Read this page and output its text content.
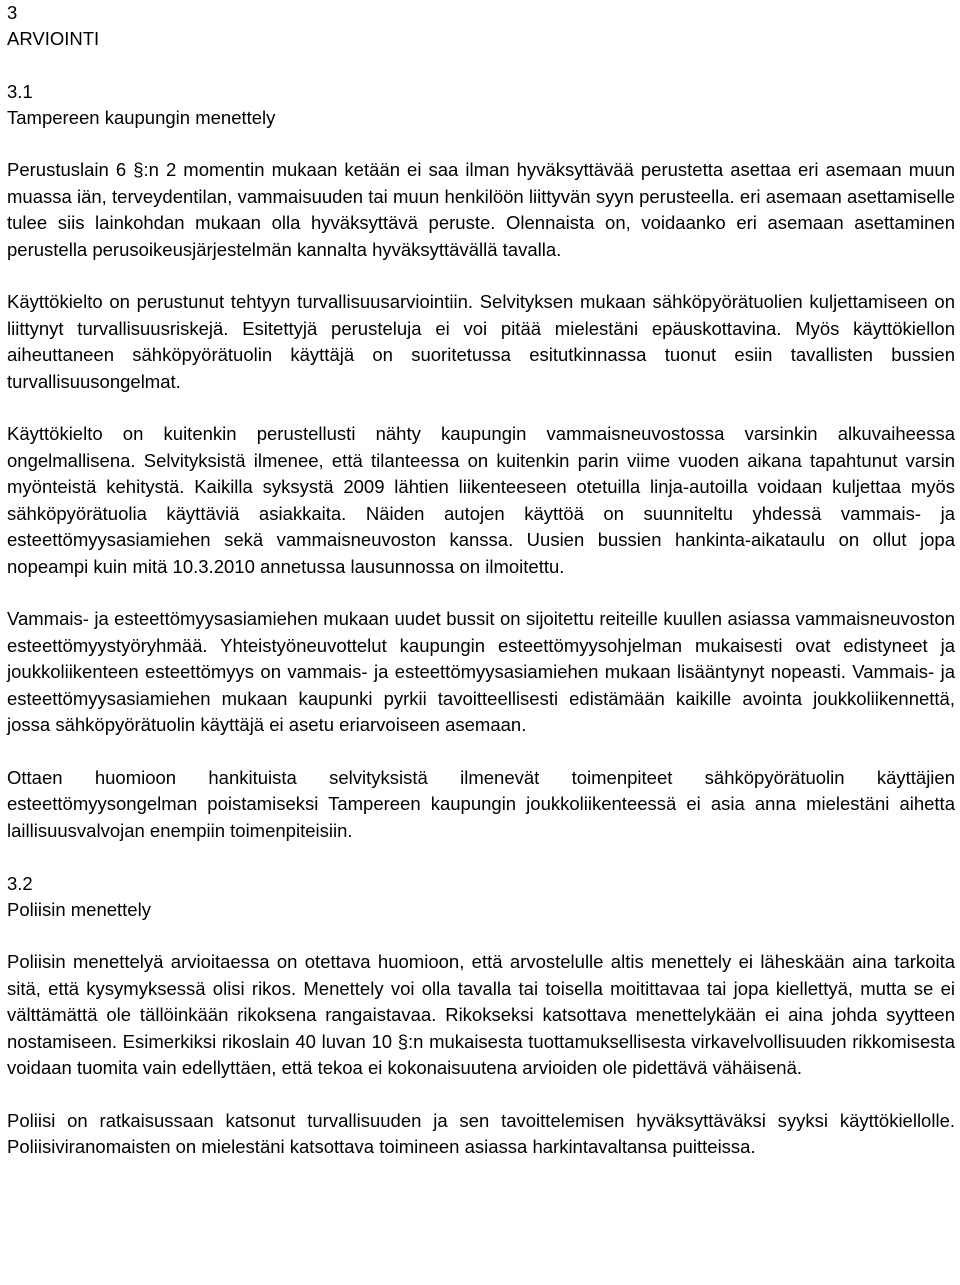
3

ARVIOINTI

3.1

Tampereen kaupungin menettely

Perustuslain 6 §:n 2 momentin mukaan ketään ei saa ilman hyväksyttävää perustetta asettaa eri asemaan muun muassa iän, terveydentilan, vammaisuuden tai muun henkilöön liittyvän syyn perusteella. eri asemaan asettamiselle tulee siis lainkohdan mukaan olla hyväksyttävä peruste. Olennaista on, voidaanko eri asemaan asettaminen perustella perusoikeusjärjestelmän kannalta hyväksyttävällä tavalla.

Käyttökielto on perustunut tehtyyn turvallisuusarviointiin. Selvityksen mukaan sähköpyörätuolien kuljettamiseen on liittynyt turvallisuusriskejä. Esitettyjä perusteluja ei voi pitää mielestäni epäuskottavina. Myös käyttökiellon aiheuttaneen sähköpyörätuolin käyttäjä on suoritetussa esitutkinnassa tuonut esiin tavallisten bussien turvallisuusongelmat.

Käyttökielto on kuitenkin perustellusti nähty kaupungin vammaisneuvostossa varsinkin alkuvaiheessa ongelmallisena. Selvityksistä ilmenee, että tilanteessa on kuitenkin parin viime vuoden aikana tapahtunut varsin myönteistä kehitystä. Kaikilla syksystä 2009 lähtien liikenteeseen otetuilla linja-autoilla voidaan kuljettaa myös sähköpyörätuolia käyttäviä asiakkaita. Näiden autojen käyttöä on suunniteltu yhdessä vammais- ja esteettömyysasiamiehen sekä vammaisneuvoston kanssa. Uusien bussien hankinta-aikataulu on ollut jopa nopeampi kuin mitä 10.3.2010 annetussa lausunnossa on ilmoitettu.

Vammais- ja esteettömyysasiamiehen mukaan uudet bussit on sijoitettu reiteille kuullen asiassa vammaisneuvoston esteettömyystyöryhmää. Yhteistyöneuvottelut kaupungin esteettömyysohjelman mukaisesti ovat edistyneet ja joukkoliikenteen esteettömyys on vammais- ja esteettömyysasiamiehen mukaan lisääntynyt nopeasti. Vammais- ja esteettömyysasiamiehen mukaan kaupunki pyrkii tavoitteellisesti edistämään kaikille avointa joukkoliikennettä, jossa sähköpyörätuolin käyttäjä ei asetu eriarvoiseen asemaan.

Ottaen huomioon hankituista selvityksistä ilmenevät toimenpiteet sähköpyörätuolin käyttäjien esteettömyysongelman poistamiseksi Tampereen kaupungin joukkoliikenteessä ei asia anna mielestäni aihetta laillisuusvalvojan enempiin toimenpiteisiin.

3.2

Poliisin menettely

Poliisin menettelyä arvioitaessa on otettava huomioon, että arvostelulle altis menettely ei läheskään aina tarkoita sitä, että kysymyksessä olisi rikos. Menettely voi olla tavalla tai toisella moitittavaa tai jopa kiellettyä, mutta se ei välttämättä ole tällöinkään rikoksena rangaistavaa. Rikokseksi katsottava menettelykään ei aina johda syytteen nostamiseen. Esimerkiksi rikoslain 40 luvan 10 §:n mukaisesta tuottamuksellisesta virkavelvollisuuden rikkomisesta voidaan tuomita vain edellyttäen, että tekoa ei kokonaisuutena arvioiden ole pidettävä vähäisenä.

Poliisi on ratkaisussaan katsonut turvallisuuden ja sen tavoittelemisen hyväksyttäväksi syyksi käyttökiellolle. Poliisiviranomaisten on mielestäni katsottava toimineen asiassa harkintavaltansa puitteissa.
